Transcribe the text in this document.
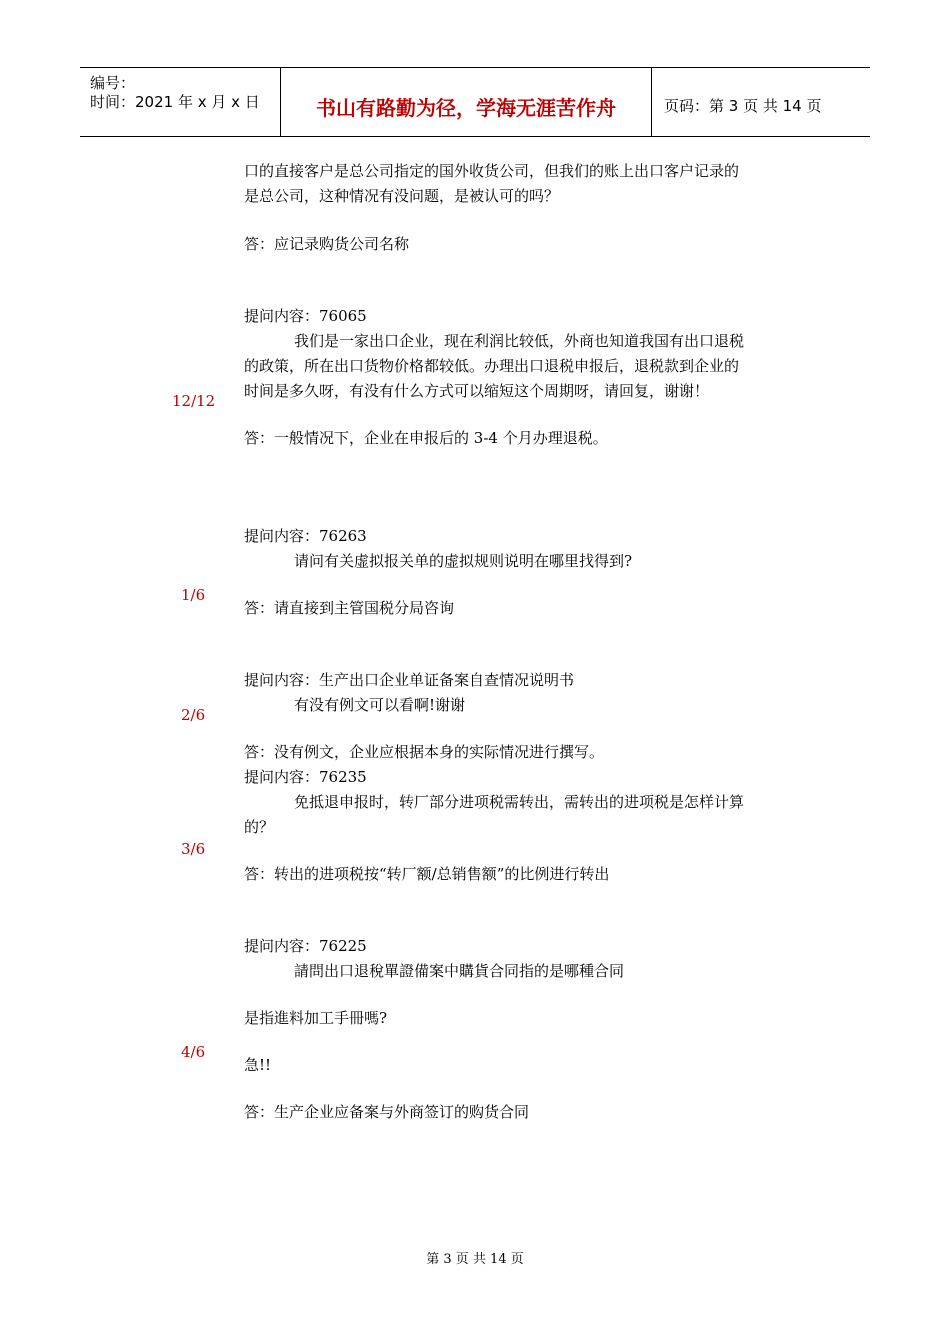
编号：
时间：2021 年 x 月 x 日	书山有路勤为径，学海无涯苦作舟	页码：第 3 页 共 14 页
口的直接客户是总公司指定的国外收货公司，但我们的账上出口客户记录的
是总公司，这种情况有没问题，是被认可的吗？
答：应记录购货公司名称
提问内容：76065
我们是一家出口企业，现在利润比较低，外商也知道我国有出口退税
的政策，所在出口货物价格都较低。办理出口退税申报后，退税款到企业的
时间是多久呀，有没有什么方式可以缩短这个周期呀，请回复，谢谢！
答：一般情况下，企业在申报后的 3-4 个月办理退税。
提问内容：76263
请问有关虚拟报关单的虚拟规则说明在哪里找得到?
答：请直接到主管国税分局咨询
提问内容：生产出口企业单证备案自查情况说明书
有没有例文可以看啊!谢谢
答：没有例文，企业应根据本身的实际情况进行撰写。
提问内容：76235
免抵退申报时，转厂部分进项税需转出，需转出的进项税是怎样计算
的？
答：转出的进项税按“转厂额/总销售额”的比例进行转出
提问内容：76225
請問出口退稅單證備案中購貨合同指的是哪種合同
是指進料加工手冊嗎?
急!!
答：生产企业应备案与外商签订的购货合同
12/12
1/6
2/6
3/6
4/6
第 3 页 共 14 页
